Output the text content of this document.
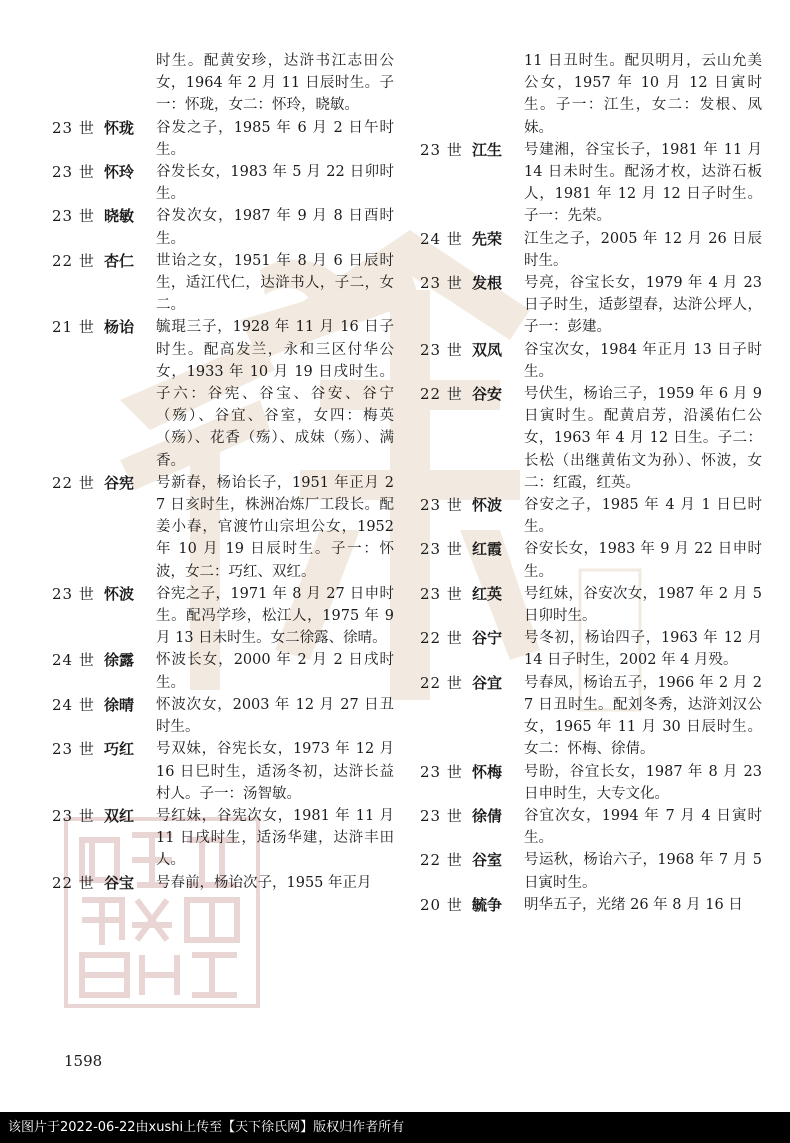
时生。配黄安珍，达浒书江志田公女，1964 年 2 月 11 日辰时生。子一：怀珑，女二：怀玲，晓敏。
23 世 怀珑	谷发之子，1985 年 6 月 2 日午时生。
23 世 怀玲	谷发长女，1983 年 5 月 22 日卯时生。
23 世 晓敏	谷发次女，1987 年 9 月 8 日酉时生。
22 世 杏仁	世诒之女，1951 年 8 月 6 日辰时生，适江代仁，达浒书人，子二，女二。
21 世 杨诒	毓琨三子，1928 年 11 月 16 日子时生。配高发兰，永和三区付华公女，1933 年 10 月 19 日戌时生。子六：谷宪、谷宝、谷安、谷宁（殇）、谷宜、谷室，女四：梅英（殇）、花香（殇）、成妹（殇）、满香。
22 世 谷宪	号新春，杨诒长子，1951 年正月 27 日亥时生，株洲冶炼厂工段长。配姜小春，官渡竹山宗坦公女，1952 年 10 月 19 日辰时生。子一：怀波，女二：巧红、双红。
23 世 怀波	谷宪之子，1971 年 8 月 27 日申时生。配冯学珍，松江人，1975 年 9 月 13 日未时生。女二徐露、徐晴。
24 世 徐露	怀波长女，2000 年 2 月 2 日戌时生。
24 世 徐晴	怀波次女，2003 年 12 月 27 日丑时生。
23 世 巧红	号双妹，谷宪长女，1973 年 12 月 16 日巳时生，适汤冬初，达浒长益村人。子一：汤智敏。
23 世 双红	号红妹，谷宪次女，1981 年 11 月 11 日戌时生，适汤华建，达浒丰田人。
22 世 谷宝	号春前，杨诒次子，1955 年正月
11 日丑时生。配贝明月，云山允美公女，1957 年 10 月 12 日寅时生。子一：江生，女二：发根、凤妹。
23 世 江生	号建湘，谷宝长子，1981 年 11 月 14 日未时生。配汤才枚，达浒石板人，1981 年 12 月 12 日子时生。子一：先荣。
24 世 先荣	江生之子，2005 年 12 月 26 日辰时生。
23 世 发根	号亮，谷宝长女，1979 年 4 月 23 日子时生，适彭望春，达浒公坪人，子一：彭建。
23 世 双凤	谷宝次女，1984 年正月 13 日子时生。
22 世 谷安	号伏生，杨诒三子，1959 年 6 月 9 日寅时生。配黄启芳，沿溪佑仁公女，1963 年 4 月 12 日生。子二：长松（出继黄佑文为孙）、怀波，女二：红霞，红英。
23 世 怀波	谷安之子，1985 年 4 月 1 日巳时生。
23 世 红霞	谷安长女，1983 年 9 月 22 日申时生。
23 世 红英	号红妹，谷安次女，1987 年 2 月 5 日卯时生。
22 世 谷宁	号冬初，杨诒四子，1963 年 12 月 14 日子时生，2002 年 4 月殁。
22 世 谷宜	号春凤，杨诒五子，1966 年 2 月 27 日丑时生。配刘冬秀，达浒刘汉公女，1965 年 11 月 30 日辰时生。女二：怀梅、徐倩。
23 世 怀梅	号盼，谷宜长女，1987 年 8 月 23 日申时生，大专文化。
23 世 徐倩	谷宜次女，1994 年 7 月 4 日寅时生。
22 世 谷室	号运秋，杨诒六子，1968 年 7 月 5 日寅时生。
20 世 毓争	明华五子，光绪 26 年 8 月 16 日
1598
该图片于2022-06-22由xushi上传至【天下徐氏网】版权归作者所有
